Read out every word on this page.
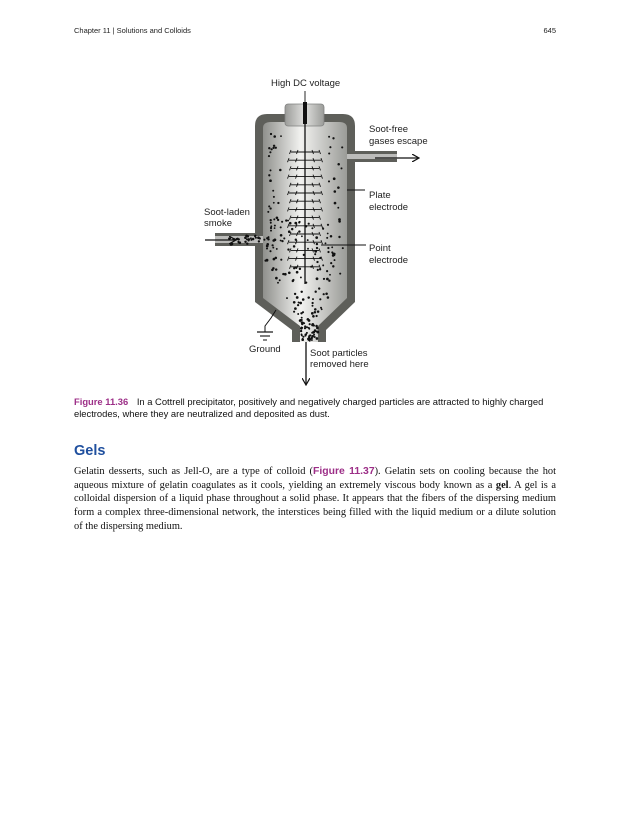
Chapter 11 | Solutions and Colloids	645
High DC voltage
Soot-free
gases escape
Plate
electrode
Soot-laden
smoke
Point
electrode
Ground	Soot particles
removed here
Figure 11.36 In a Cottrell precipitator, positively and negatively charged particles are attracted to highly charged electrodes, where they are neutralized and deposited as dust.
Gels

Gelatin desserts, such as Jell-O, are a type of colloid (Figure 11.37). Gelatin sets on cooling because the hot aqueous mixture of gelatin coagulates as it cools, yielding an extremely viscous body known as a gel. A gel is a colloidal dispersion of a liquid phase throughout a solid phase. It appears that the fibers of the dispersing medium form a complex three-dimensional network, the interstices being filled with the liquid medium or a dilute solution of the dispersing medium.
